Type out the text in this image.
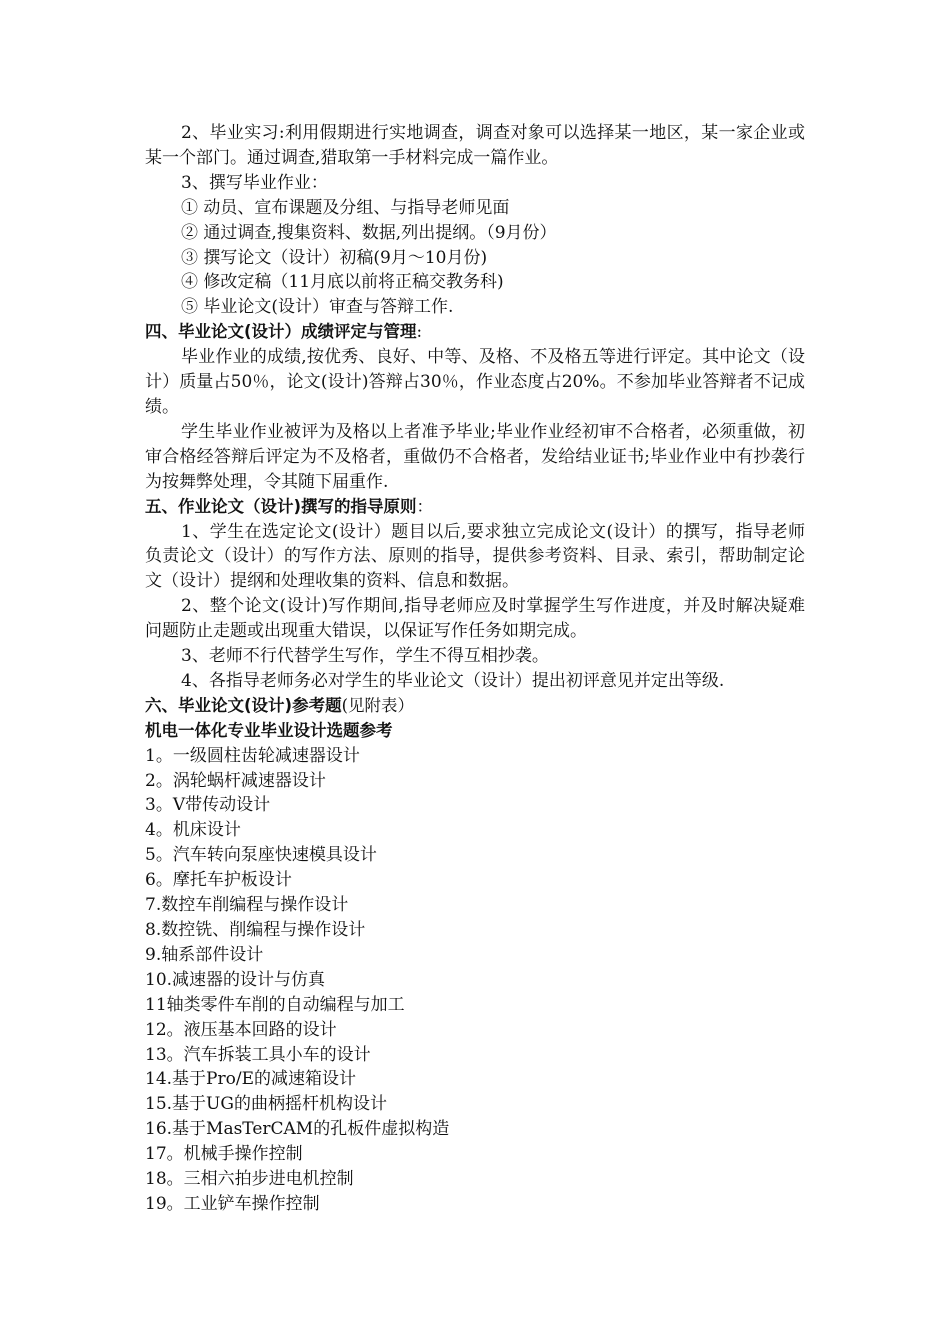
2、毕业实习:利用假期进行实地调查，调查对象可以选择某一地区，某一家企业或某一个部门。通过调查,猎取第一手材料完成一篇作业。

3、撰写毕业作业：

① 动员、宣布课题及分组、与指导老师见面

② 通过调查,搜集资料、数据,列出提纲。（9月份）

③ 撰写论文（设计）初稿(9月～10月份)

④ 修改定稿（11月底以前将正稿交教务科)

⑤ 毕业论文(设计）审查与答辩工作.

四、毕业论文(设计）成绩评定与管理:

毕业作业的成绩,按优秀、良好、中等、及格、不及格五等进行评定。其中论文（设计）质量占50％，论文(设计)答辩占30％，作业态度占20%。不参加毕业答辩者不记成绩。

学生毕业作业被评为及格以上者准予毕业;毕业作业经初审不合格者，必须重做，初审合格经答辩后评定为不及格者，重做仍不合格者，发给结业证书;毕业作业中有抄袭行为按舞弊处理，令其随下届重作.

五、作业论文（设计)撰写的指导原则：

1、学生在选定论文(设计）题目以后,要求独立完成论文(设计）的撰写，指导老师负责论文（设计）的写作方法、原则的指导，提供参考资料、目录、索引，帮助制定论文（设计）提纲和处理收集的资料、信息和数据。

2、整个论文(设计)写作期间,指导老师应及时掌握学生写作进度，并及时解决疑难问题防止走题或出现重大错误，以保证写作任务如期完成。

3、老师不行代替学生写作，学生不得互相抄袭。

4、各指导老师务必对学生的毕业论文（设计）提出初评意见并定出等级.

六、毕业论文(设计)参考题(见附表）

机电一体化专业毕业设计选题参考

1。一级圆柱齿轮减速器设计

2。涡轮蜗杆减速器设计

3。V带传动设计

4。机床设计

5。汽车转向泵座快速模具设计

6。摩托车护板设计

7.数控车削编程与操作设计

8.数控铣、削编程与操作设计

9.轴系部件设计

10.减速器的设计与仿真

11轴类零件车削的自动编程与加工

12。液压基本回路的设计

13。汽车拆装工具小车的设计

14.基于Pro/E的减速箱设计

15.基于UG的曲柄摇杆机构设计

16.基于MasTerCAM的孔板件虚拟构造

17。机械手操作控制

18。三相六拍步进电机控制

19。工业铲车操作控制
